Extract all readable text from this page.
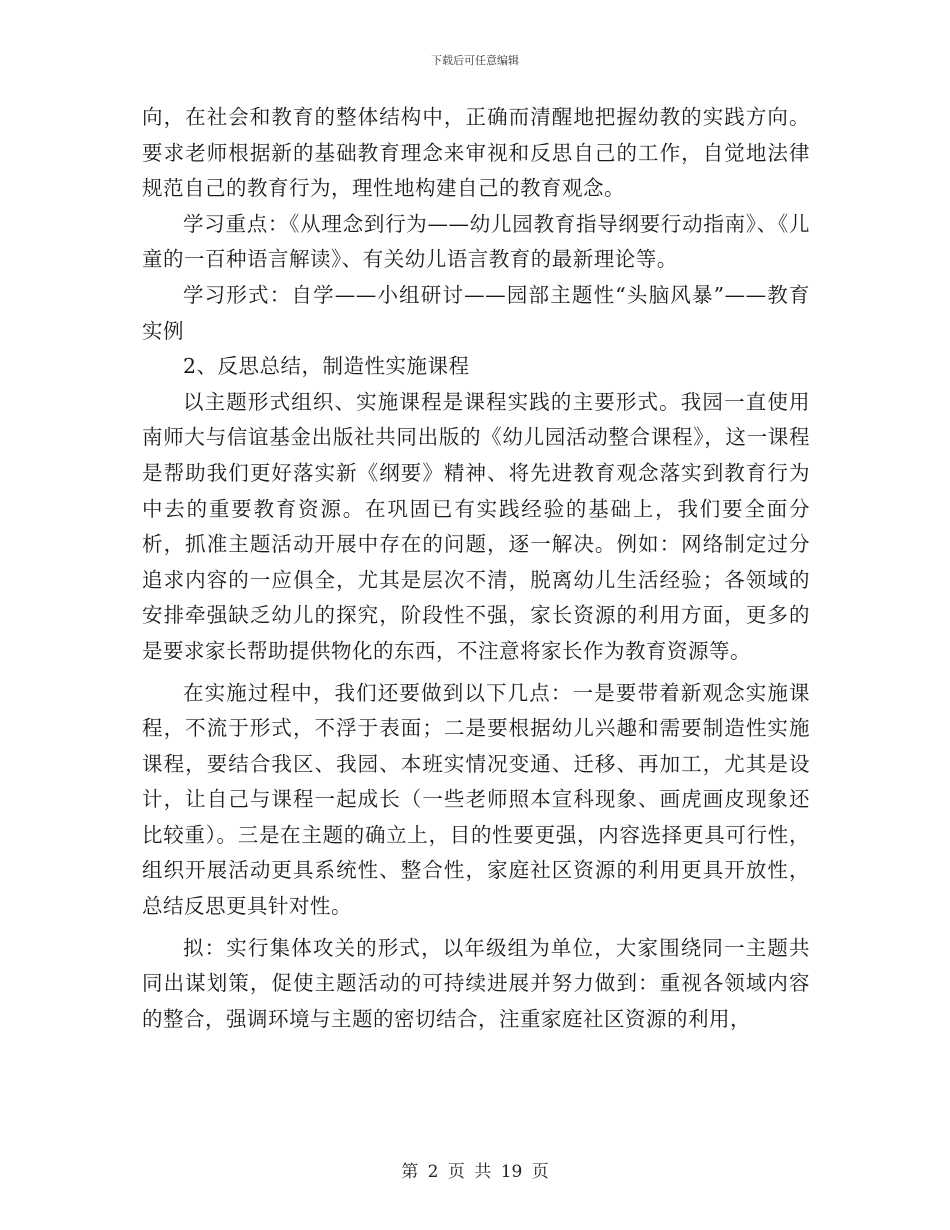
下载后可任意编辑

向，在社会和教育的整体结构中，正确而清醒地把握幼教的实践方向。要求老师根据新的基础教育理念来审视和反思自己的工作，自觉地法律规范自己的教育行为，理性地构建自己的教育观念。

学习重点：《从理念到行为——幼儿园教育指导纲要行动指南》、《儿童的一百种语言解读》、有关幼儿语言教育的最新理论等。

学习形式：自学——小组研讨——园部主题性“头脑风暴”——教育实例

2、反思总结，制造性实施课程

以主题形式组织、实施课程是课程实践的主要形式。我园一直使用南师大与信谊基金出版社共同出版的《幼儿园活动整合课程》，这一课程是帮助我们更好落实新《纲要》精神、将先进教育观念落实到教育行为中去的重要教育资源。在巩固已有实践经验的基础上，我们要全面分析，抓准主题活动开展中存在的问题，逐一解决。例如：网络制定过分追求内容的一应俱全，尤其是层次不清，脱离幼儿生活经验；各领域的安排牵强缺乏幼儿的探究，阶段性不强，家长资源的利用方面，更多的是要求家长帮助提供物化的东西，不注意将家长作为教育资源等。

在实施过程中，我们还要做到以下几点：一是要带着新观念实施课程，不流于形式，不浮于表面；二是要根据幼儿兴趣和需要制造性实施课程，要结合我区、我园、本班实情况变通、迁移、再加工，尤其是设计，让自己与课程一起成长（一些老师照本宣科现象、画虎画皮现象还比较重）。三是在主题的确立上，目的性要更强，内容选择更具可行性，组织开展活动更具系统性、整合性，家庭社区资源的利用更具开放性，总结反思更具针对性。

拟：实行集体攻关的形式，以年级组为单位，大家围绕同一主题共同出谋划策，促使主题活动的可持续进展并努力做到：重视各领域内容的整合，强调环境与主题的密切结合，注重家庭社区资源的利用，

第 2 页 共 19 页
